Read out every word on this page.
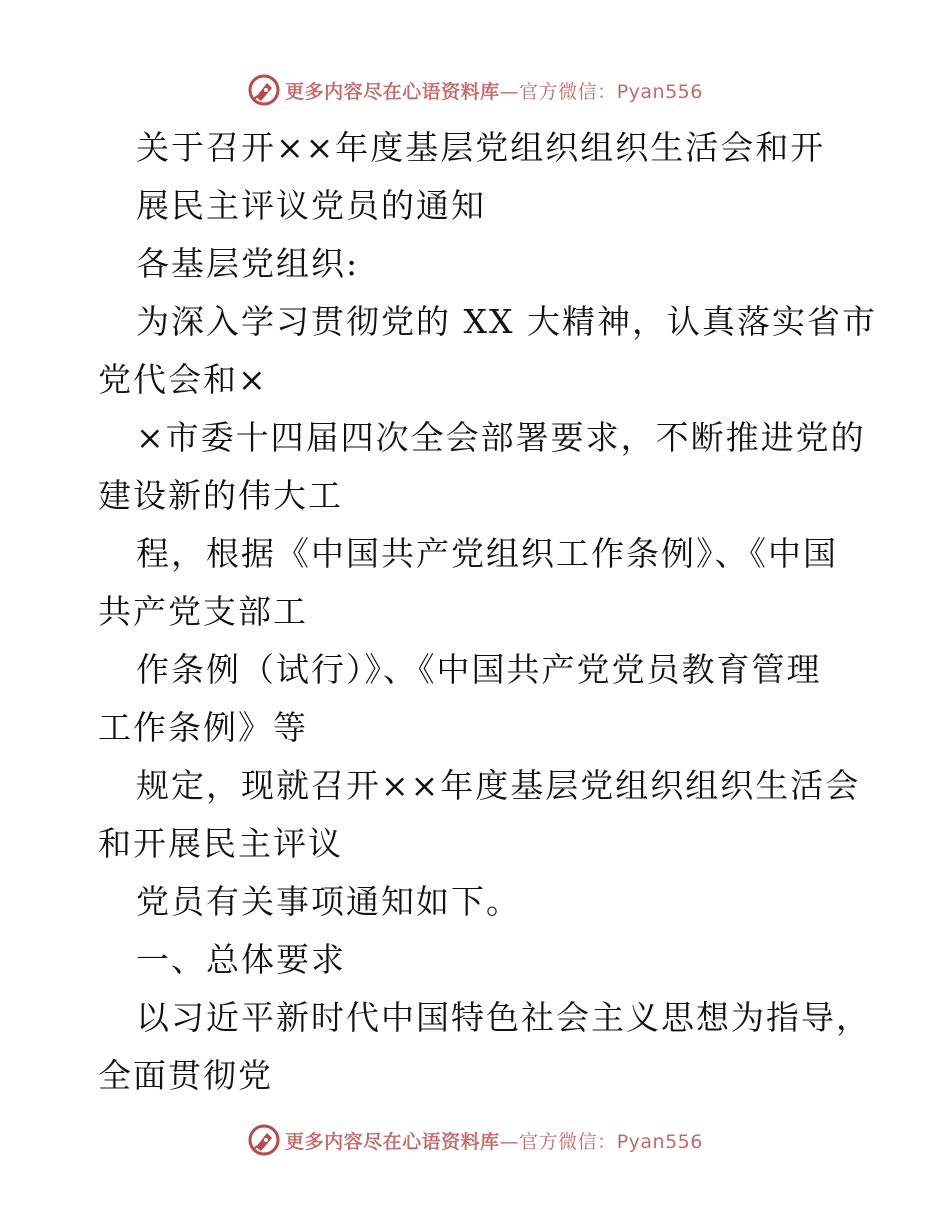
更多内容尽在心语资料库—官方微信：Pyan556
关于召开××年度基层党组织组织生活会和开
展民主评议党员的通知
各基层党组织:
为深入学习贯彻党的 XX 大精神，认真落实省市
党代会和×
×市委十四届四次全会部署要求，不断推进党的
建设新的伟大工
程，根据《中国共产党组织工作条例》、《中国
共产党支部工
作条例（试行）》、《中国共产党党员教育管理
工作条例》等
规定，现就召开××年度基层党组织组织生活会
和开展民主评议
党员有关事项通知如下。
一、总体要求
以习近平新时代中国特色社会主义思想为指导，
全面贯彻党
更多内容尽在心语资料库—官方微信：Pyan556
